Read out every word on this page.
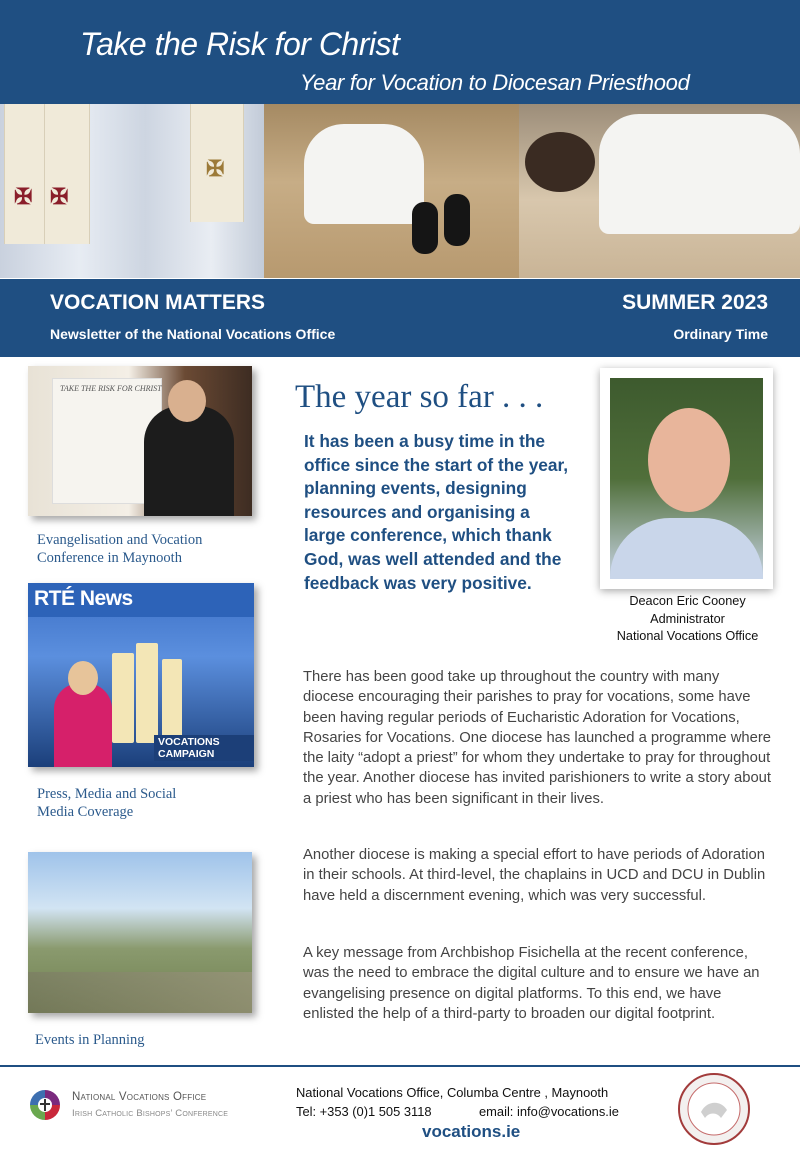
Take the Risk for Christ
Year for Vocation to Diocesan Priesthood
✠ ✠
✠
VOCATION MATTERS
Newsletter of the National Vocations Office
SUMMER 2023
Ordinary Time
TAKE THE RISK FOR CHRIST
Evangelisation and Vocation
Conference in Maynooth
RTÉ News
VOCATIONS CAMPAIGN
Press, Media and Social
Media Coverage
Events in Planning
The year so far . . .
It has been a busy time in the office since the start of the year, planning events, designing resources and organising a large conference, which thank God, was well attended and the feedback was very positive.
There has been good take up throughout the country with many diocese encouraging their parishes to pray for vocations, some have been having regular periods of Eucharistic Adoration for Vocations, Rosaries for Vocations. One diocese has launched a programme where the laity “adopt a priest” for whom they undertake to pray for throughout the year. Another diocese has invited parishioners to write a story about a priest who has been significant in their lives.
Another diocese is making a special effort to have periods of Adoration in their schools. At third-level, the chaplains in UCD and DCU in Dublin have held a discernment evening, which was very successful.
A key message from Archbishop Fisichella at the recent conference, was the need to embrace the digital culture and to ensure we have an evangelising presence on digital platforms. To this end, we have enlisted the help of a third-party to broaden our digital footprint.
Deacon Eric Cooney
Administrator
National Vocations Office
National Vocations Office
Irish Catholic Bishops’ Conference
National Vocations Office, Columba Centre , Maynooth
Tel: +353 (0)1 505 3118	email: info@vocations.ie
vocations.ie
